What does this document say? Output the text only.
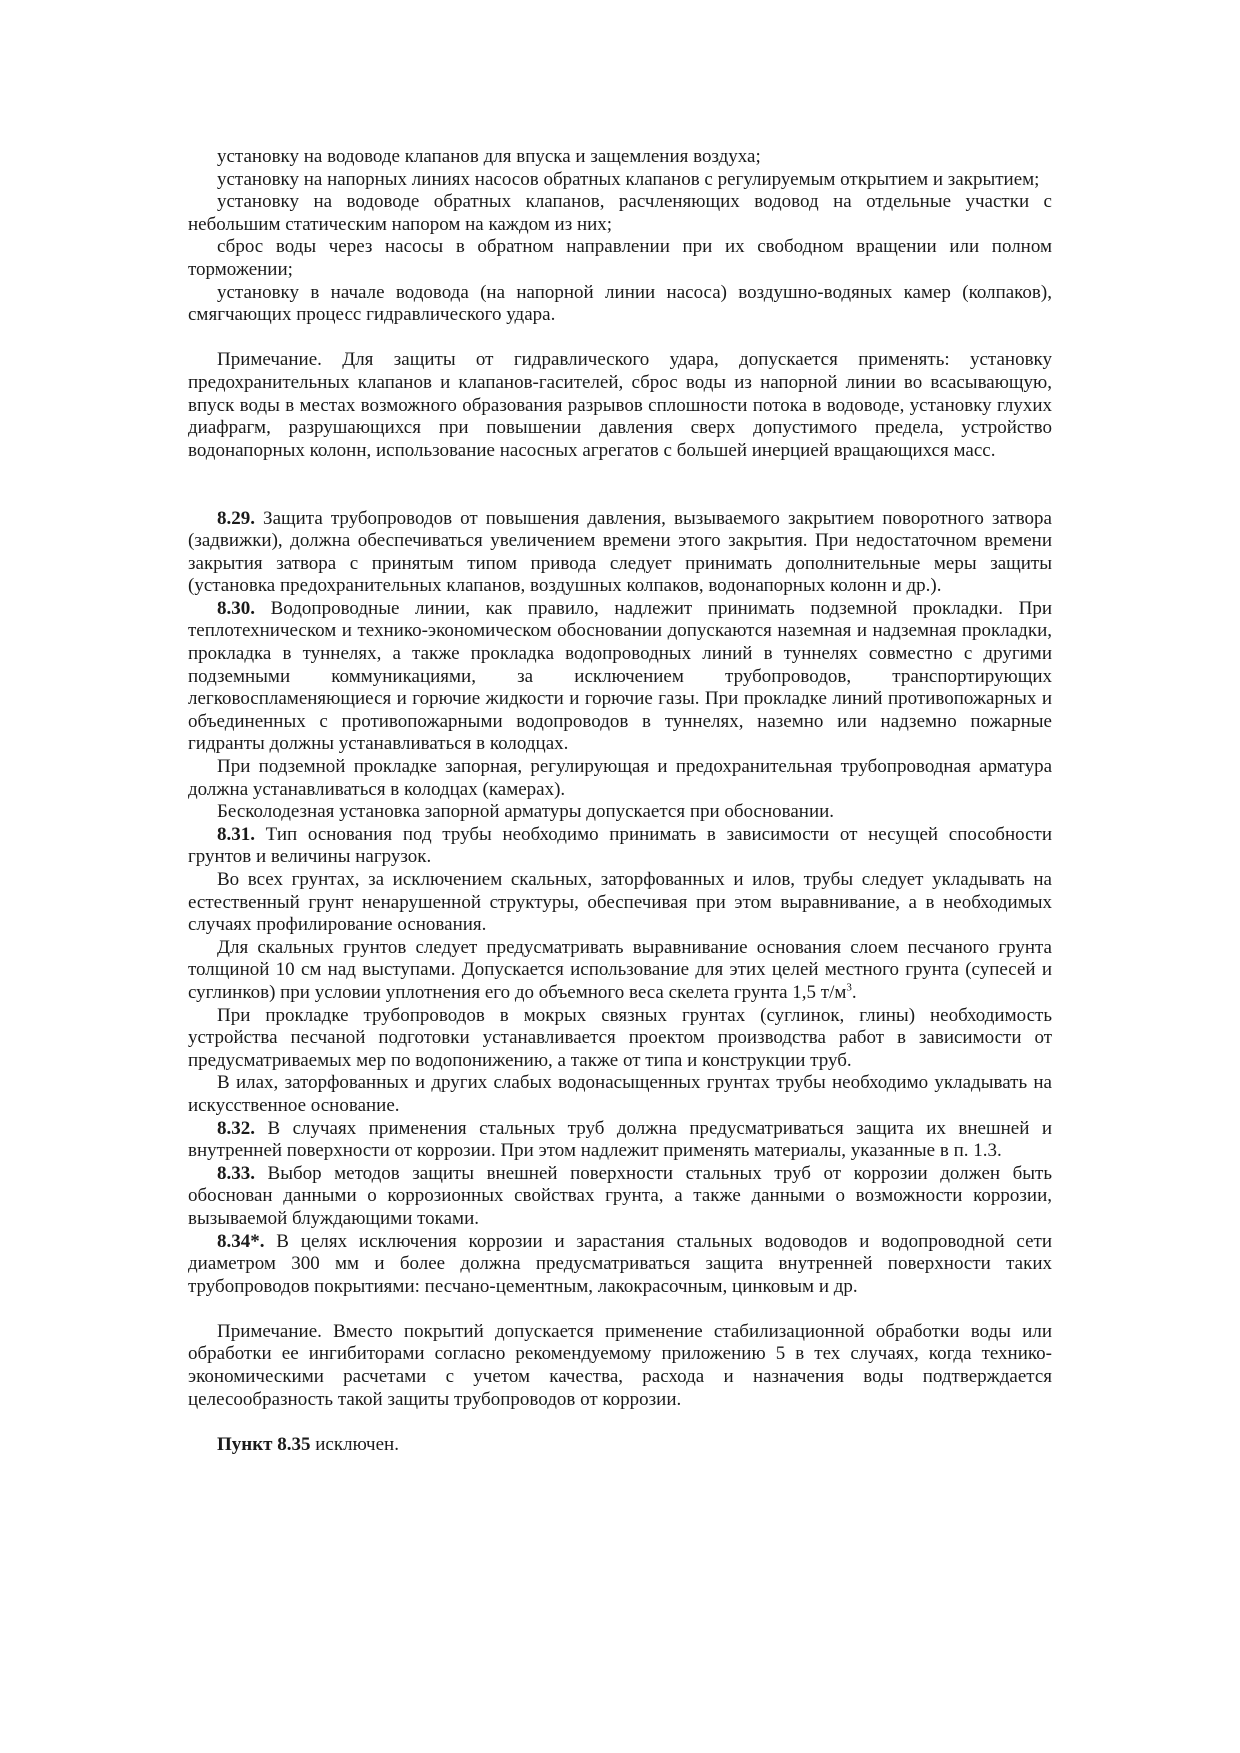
установку на водоводе клапанов для впуска и защемления воздуха;

установку на напорных линиях насосов обратных клапанов с регулируемым открытием и закрытием;

установку на водоводе обратных клапанов, расчленяющих водовод на отдельные участки с небольшим статическим напором на каждом из них;

сброс воды через насосы в обратном направлении при их свободном вращении или полном торможении;

установку в начале водовода (на напорной линии насоса) воздушно-водяных камер (колпаков), смягчающих процесс гидравлического удара.

Примечание. Для защиты от гидравлического удара, допускается применять: установку предохранительных клапанов и клапанов-гасителей, сброс воды из напорной линии во всасывающую, впуск воды в местах возможного образования разрывов сплошности потока в водоводе, установку глухих диафрагм, разрушающихся при повышении давления сверх допустимого предела, устройство водонапорных колонн, использование насосных агрегатов с большей инерцией вращающихся масс.

8.29. Защита трубопроводов от повышения давления, вызываемого закрытием поворотного затвора (задвижки), должна обеспечиваться увеличением времени этого закрытия. При недостаточном времени закрытия затвора с принятым типом привода следует принимать дополнительные меры защиты (установка предохранительных клапанов, воздушных колпаков, водонапорных колонн и др.).

8.30. Водопроводные линии, как правило, надлежит принимать подземной прокладки. При теплотехническом и технико-экономическом обосновании допускаются наземная и надземная прокладки, прокладка в туннелях, а также прокладка водопроводных линий в туннелях совместно с другими подземными коммуникациями, за исключением трубопроводов, транспортирующих легковоспламеняющиеся и горючие жидкости и горючие газы. При прокладке линий противопожарных и объединенных с противопожарными водопроводов в туннелях, наземно или надземно пожарные гидранты должны устанавливаться в колодцах.

При подземной прокладке запорная, регулирующая и предохранительная трубопроводная арматура должна устанавливаться в колодцах (камерах).

Бесколодезная установка запорной арматуры допускается при обосновании.

8.31. Тип основания под трубы необходимо принимать в зависимости от несущей способности грунтов и величины нагрузок.

Во всех грунтах, за исключением скальных, заторфованных и илов, трубы следует укладывать на естественный грунт ненарушенной структуры, обеспечивая при этом выравнивание, а в необходимых случаях профилирование основания.

Для скальных грунтов следует предусматривать выравнивание основания слоем песчаного грунта толщиной 10 см над выступами. Допускается использование для этих целей местного грунта (супесей и суглинков) при условии уплотнения его до объемного веса скелета грунта 1,5 $т/м^3$.

При прокладке трубопроводов в мокрых связных грунтах (суглинок, глины) необходимость устройства песчаной подготовки устанавливается проектом производства работ в зависимости от предусматриваемых мер по водопонижению, а также от типа и конструкции труб.

В илах, заторфованных и других слабых водонасыщенных грунтах трубы необходимо укладывать на искусственное основание.

8.32. В случаях применения стальных труб должна предусматриваться защита их внешней и внутренней поверхности от коррозии. При этом надлежит применять материалы, указанные в п. 1.3.

8.33. Выбор методов защиты внешней поверхности стальных труб от коррозии должен быть обоснован данными о коррозионных свойствах грунта, а также данными о возможности коррозии, вызываемой блуждающими токами.

8.34*. В целях исключения коррозии и зарастания стальных водоводов и водопроводной сети диаметром 300 мм и более должна предусматриваться защита внутренней поверхности таких трубопроводов покрытиями: песчано-цементным, лакокрасочным, цинковым и др.

Примечание. Вместо покрытий допускается применение стабилизационной обработки воды или обработки ее ингибиторами согласно рекомендуемому приложению 5 в тех случаях, когда технико-экономическими расчетами с учетом качества, расхода и назначения воды подтверждается целесообразность такой защиты трубопроводов от коррозии.

Пункт 8.35 исключен.
